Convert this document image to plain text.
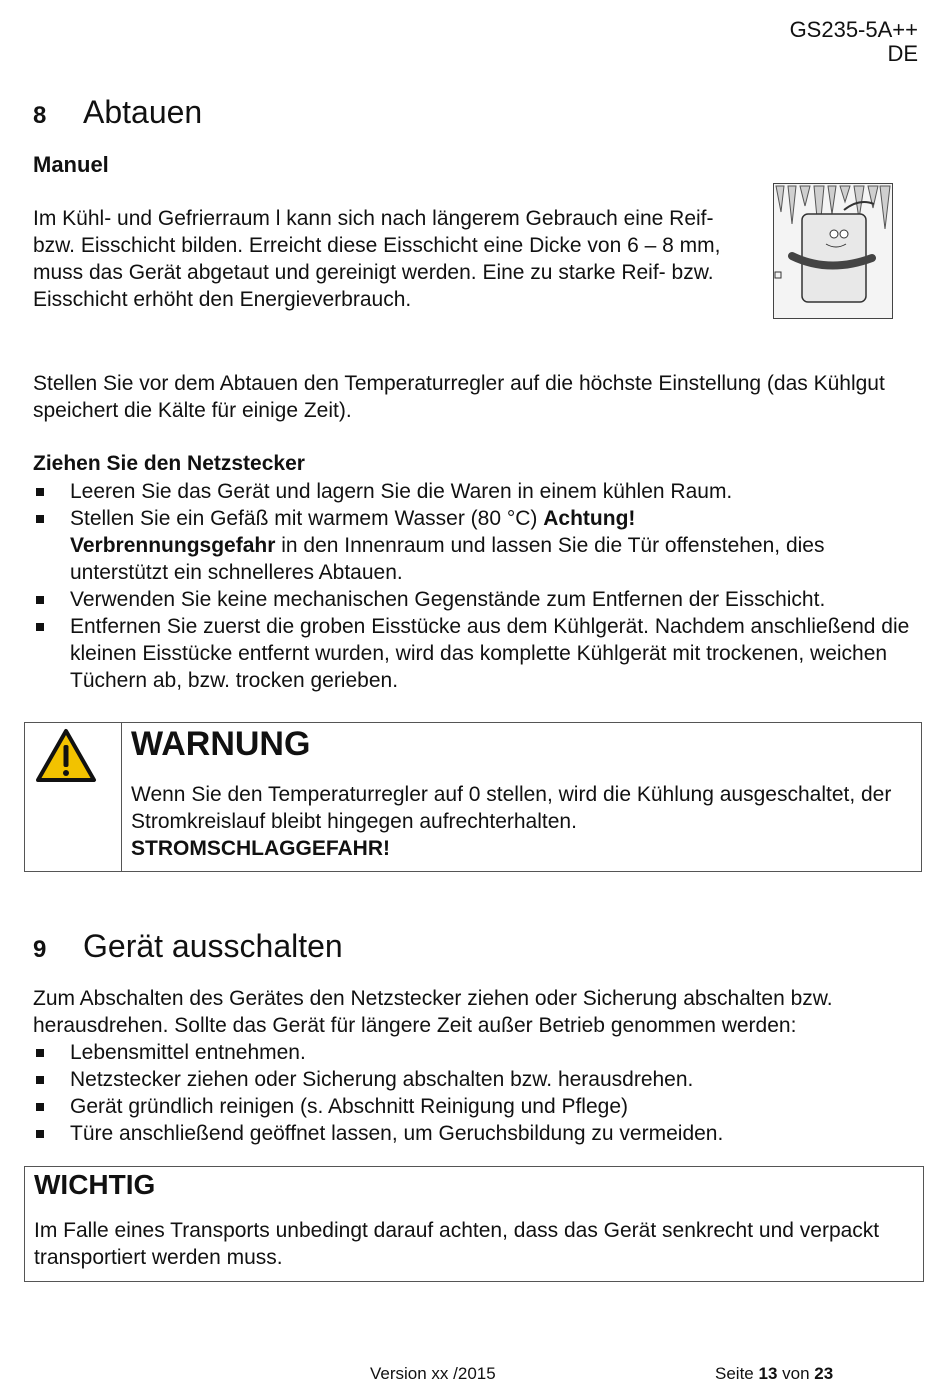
GS235-5A++
DE
8	Abtauen
Manuel

Im Kühl- und Gefrierraum l kann sich nach längerem Gebrauch eine Reif- bzw. Eisschicht bilden. Erreicht diese Eisschicht eine Dicke von 6 – 8 mm, muss das Gerät abgetaut und gereinigt werden. Eine zu starke Reif- bzw. Eisschicht erhöht den Energieverbrauch.

Stellen Sie vor dem Abtauen den Temperaturregler auf die höchste Einstellung (das Kühlgut speichert die Kälte für einige Zeit).

Ziehen Sie den Netzstecker
Leeren Sie das Gerät und lagern Sie die Waren in einem kühlen Raum.
Stellen Sie ein Gefäß mit warmem Wasser (80 °C) Achtung!
Verbrennungsgefahr in den Innenraum und lassen Sie die Tür offenstehen, dies unterstützt ein schnelleres Abtauen.
Verwenden Sie keine mechanischen Gegenstände zum Entfernen der Eisschicht.
Entfernen Sie zuerst die groben Eisstücke aus dem Kühlgerät. Nachdem anschließend die kleinen Eisstücke entfernt wurden, wird das komplette Kühlgerät mit trockenen, weichen Tüchern ab, bzw. trocken gerieben.
WARNUNG
Wenn Sie den Temperaturregler auf 0 stellen, wird die Kühlung ausgeschaltet, der Stromkreislauf bleibt hingegen aufrechterhalten.
STROMSCHLAGGEFAHR!
9	Gerät ausschalten

Zum Abschalten des Gerätes den Netzstecker ziehen oder Sicherung abschalten bzw. herausdrehen. Sollte das Gerät für längere Zeit außer Betrieb genommen werden:

Lebensmittel entnehmen.
Netzstecker ziehen oder Sicherung abschalten bzw. herausdrehen.
Gerät gründlich reinigen (s. Abschnitt Reinigung und Pflege)
Türe anschließend geöffnet lassen, um Geruchsbildung zu vermeiden.
WICHTIG
Im Falle eines Transports unbedingt darauf achten, dass das Gerät senkrecht und verpackt transportiert werden muss.
Version xx /2015	Seite 13 von 23
